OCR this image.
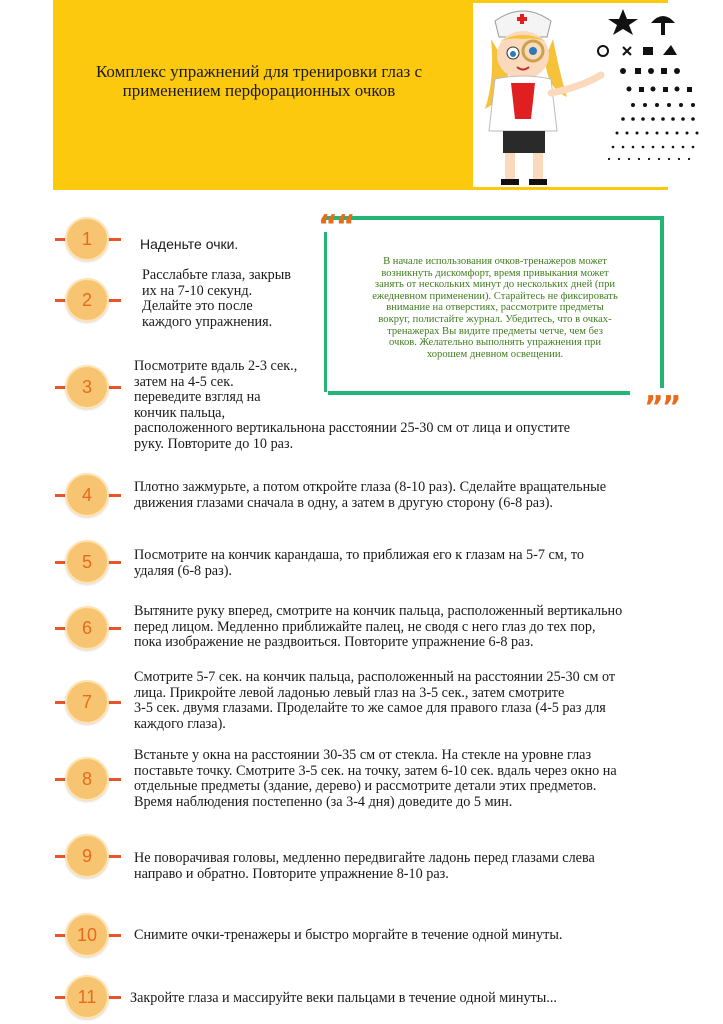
Комплекс упражнений для тренировки глаз с
применением перфорационных очков
““
””
В начале использования очков-тренажеров может
возникнуть дискомфорт, время привыкания может
занять от нескольких минут до нескольких дней (при
ежедневном применении). Старайтесь не фиксировать
внимание на отверстиях, рассмотрите предметы
вокруг, полистайте журнал. Убедитесь, что в очках-
тренажерах Вы видите предметы четче, чем без
очков. Желательно выполнять упражнения при
хорошем дневном освещении.
1	Наденьте очки.
2
Расслабьте глаза, закрыв
их на 7-10 секунд.
Делайте это после
каждого упражнения.
3
Посмотрите вдаль 2-3 сек.,
затем на 4-5 сек.
переведите взгляд на
кончик пальца,
расположенного вертикальнона расстоянии 25-30 см от лица и опустите
руку. Повторите до 10 раз.
4	Плотно зажмурьте, а потом откройте глаза (8-10 раз). Сделайте вращательные
движения глазами сначала в одну, а затем в другую сторону (6-8 раз).
5	Посмотрите на кончик карандаша, то приближая его к глазам на 5-7 см, то
удаляя (6-8 раз).
6
Вытяните руку вперед, смотрите на кончик пальца, расположенный вертикально
перед лицом. Медленно приближайте палец, не сводя с него глаз до тех пор,
пока изображение не раздвоиться. Повторите упражнение 6-8 раз.
7
Смотрите 5-7 сек. на кончик пальца, расположенный на расстоянии 25-30 см от
лица. Прикройте левой ладонью левый глаз на 3-5 сек., затем смотрите
3-5 сек. двумя глазами. Проделайте то же самое для правого глаза (4-5 раз для
каждого глаза).
8
Встаньте у окна на расстоянии 30-35 см от стекла. На стекле на уровне глаз
поставьте точку. Смотрите 3-5 сек. на точку, затем 6-10 сек. вдаль через окно на
отдельные предметы (здание, дерево) и рассмотрите детали этих предметов.
Время наблюдения постепенно (за 3-4 дня) доведите до 5 мин.
9	Не поворачивая головы, медленно передвигайте ладонь перед глазами слева
направо и обратно. Повторите упражнение 8-10 раз.
10	Снимите очки-тренажеры и быстро моргайте в течение одной минуты.
11	Закройте глаза и массируйте веки пальцами в течение одной минуты...
